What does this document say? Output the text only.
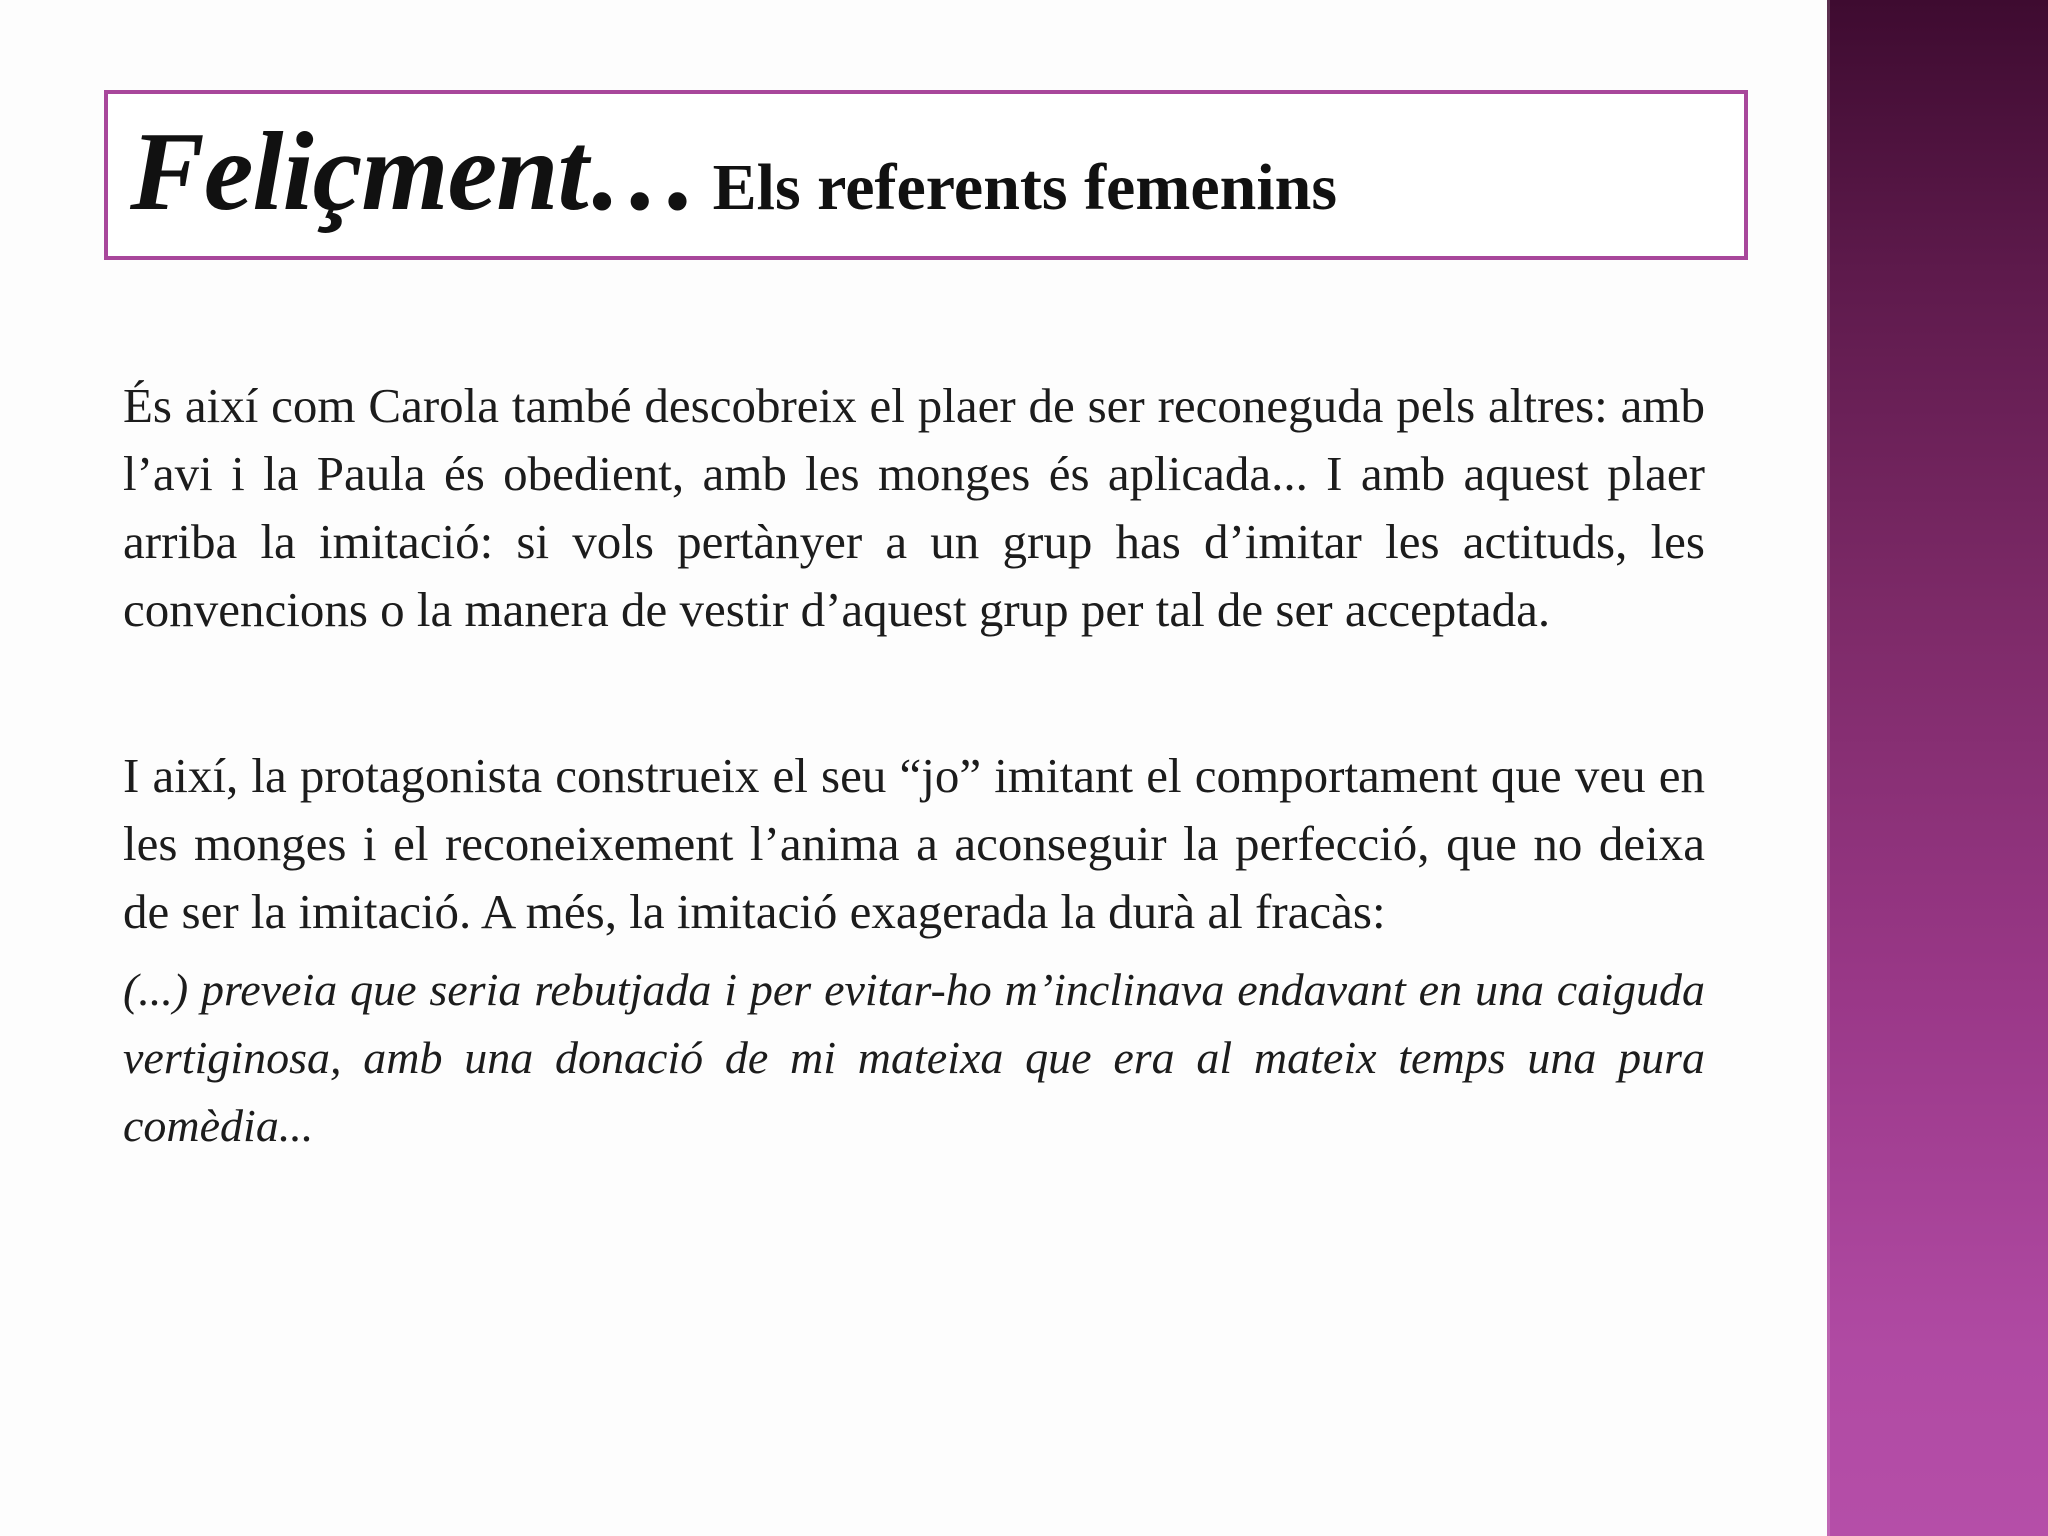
Feliçment… Els referents femenins

És així com Carola també descobreix el plaer de ser reconeguda pels altres: amb l’avi i la Paula és obedient, amb les monges és aplicada... I amb aquest plaer arriba la imitació: si vols pertànyer a un grup has d’imitar les actituds, les convencions o la manera de vestir d’aquest grup per tal de ser acceptada.

I així, la protagonista construeix el seu “jo” imitant el comportament que veu en les monges i el reconeixement l’anima a aconseguir la perfecció, que no deixa de ser la imitació. A més, la imitació exagerada la durà al fracàs:

(...) preveia que seria rebutjada i per evitar-ho m’inclinava endavant en una caiguda vertiginosa, amb una donació de mi mateixa que era al mateix temps una pura comèdia...
